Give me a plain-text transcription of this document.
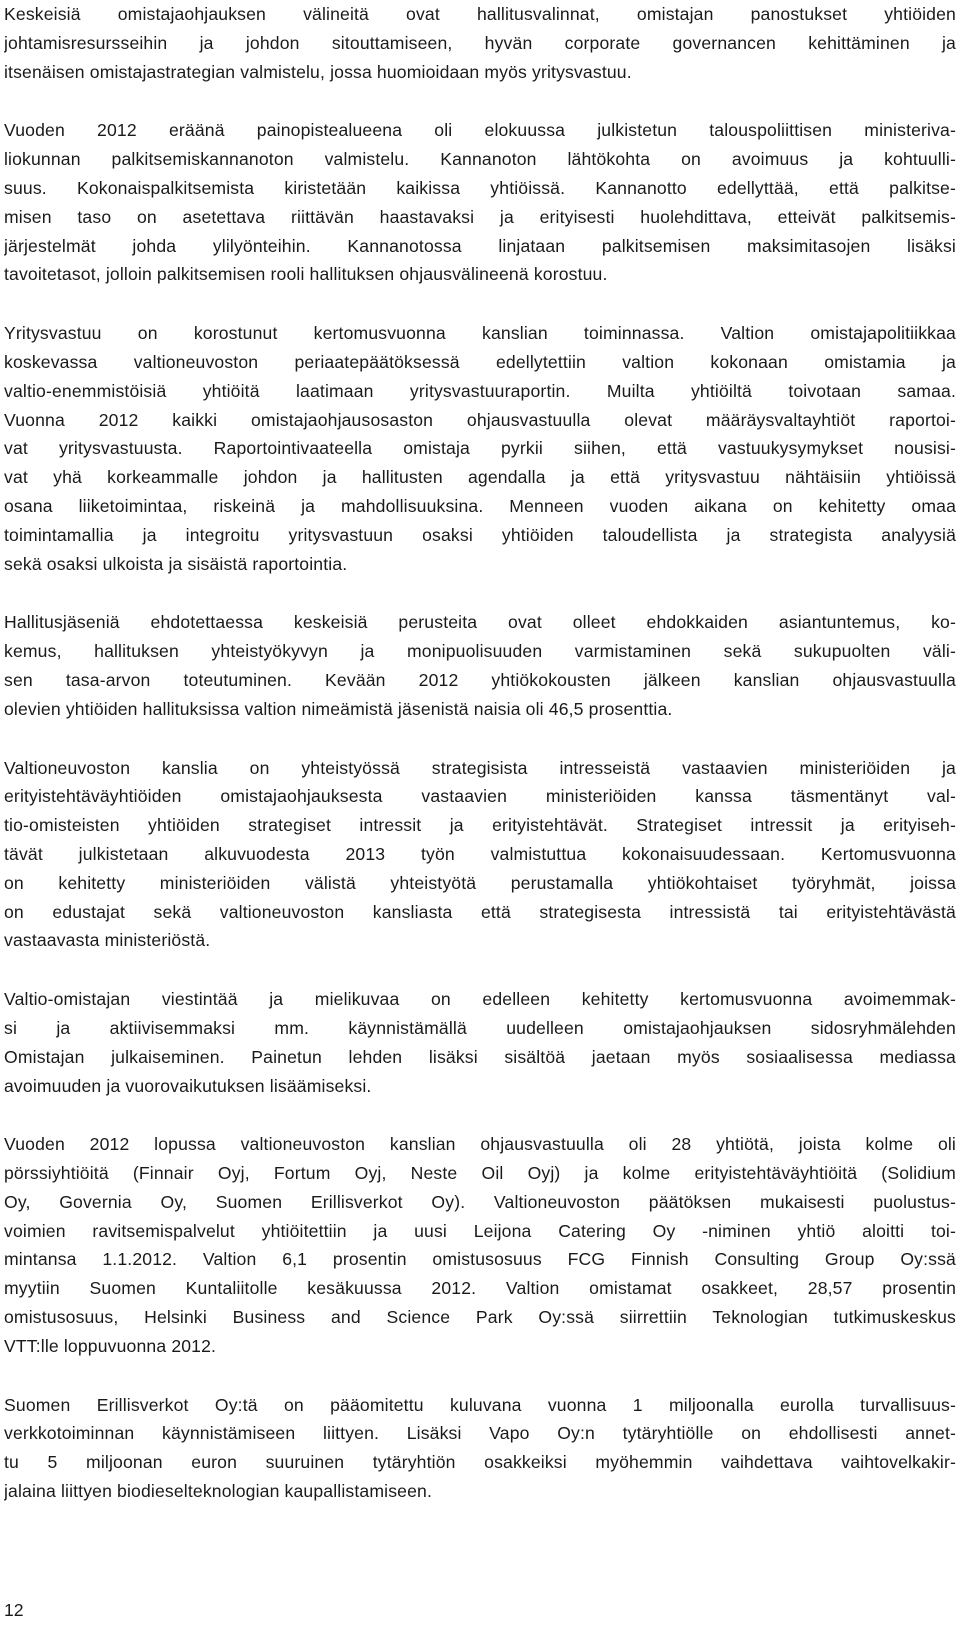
Keskeisiä omistajaohjauksen välineitä ovat hallitusvalinnat, omistajan panostukset yhtiöiden
johtamisresursseihin ja johdon sitouttamiseen, hyvän corporate governancen kehittäminen ja
itsenäisen omistajastrategian valmistelu, jossa huomioidaan myös yritysvastuu.
Vuoden 2012 eräänä painopistealueena oli elokuussa julkistetun talouspoliittisen ministeriva-
liokunnan palkitsemiskannanoton valmistelu. Kannanoton lähtökohta on avoimuus ja kohtuulli-
suus. Kokonaispalkitsemista kiristetään kaikissa yhtiöissä. Kannanotto edellyttää, että palkitse-
misen taso on asetettava riittävän haastavaksi ja erityisesti huolehdittava, etteivät palkitsemis-
järjestelmät johda ylilyönteihin. Kannanotossa linjataan palkitsemisen maksimitasojen lisäksi
tavoitetasot, jolloin palkitsemisen rooli hallituksen ohjausvälineenä korostuu.
Yritysvastuu on korostunut kertomusvuonna kanslian toiminnassa. Valtion omistajapolitiikkaa
koskevassa valtioneuvoston periaatepäätöksessä edellytettiin valtion kokonaan omistamia ja
valtio-enemmistöisiä yhtiöitä laatimaan yritysvastuuraportin. Muilta yhtiöiltä toivotaan samaa.
Vuonna 2012 kaikki omistajaohjausosaston ohjausvastuulla olevat määräysvaltayhtiöt raportoi-
vat yritysvastuusta. Raportointivaateella omistaja pyrkii siihen, että vastuukysymykset nousisi-
vat yhä korkeammalle johdon ja hallitusten agendalla ja että yritysvastuu nähtäisiin yhtiöissä
osana liiketoimintaa, riskeinä ja mahdollisuuksina. Menneen vuoden aikana on kehitetty omaa
toimintamallia ja integroitu yritysvastuun osaksi yhtiöiden taloudellista ja strategista analyysiä
sekä osaksi ulkoista ja sisäistä raportointia.
Hallitusjäseniä ehdotettaessa keskeisiä perusteita ovat olleet ehdokkaiden asiantuntemus, ko-
kemus, hallituksen yhteistyökyvyn ja monipuolisuuden varmistaminen sekä sukupuolten väli-
sen tasa-arvon toteutuminen. Kevään 2012 yhtiökokousten jälkeen kanslian ohjausvastuulla
olevien yhtiöiden hallituksissa valtion nimeämistä jäsenistä naisia oli 46,5 prosenttia.
Valtioneuvoston kanslia on yhteistyössä strategisista intresseistä vastaavien ministeriöiden ja
erityistehtäväyhtiöiden omistajaohjauksesta vastaavien ministeriöiden kanssa täsmentänyt val-
tio-omisteisten yhtiöiden strategiset intressit ja erityistehtävät. Strategiset intressit ja erityiseh-
tävät julkistetaan alkuvuodesta 2013 työn valmistuttua kokonaisuudessaan. Kertomusvuonna
on kehitetty ministeriöiden välistä yhteistyötä perustamalla yhtiökohtaiset työryhmät, joissa
on edustajat sekä valtioneuvoston kansliasta että strategisesta intressistä tai erityistehtävästä
vastaavasta ministeriöstä.
Valtio-omistajan viestintää ja mielikuvaa on edelleen kehitetty kertomusvuonna avoimemmak-
si ja aktiivisemmaksi mm. käynnistämällä uudelleen omistajaohjauksen sidosryhmälehden
Omistajan julkaiseminen. Painetun lehden lisäksi sisältöä jaetaan myös sosiaalisessa mediassa
avoimuuden ja vuorovaikutuksen lisäämiseksi.
Vuoden 2012 lopussa valtioneuvoston kanslian ohjausvastuulla oli 28 yhtiötä, joista kolme oli
pörssiyhtiöitä (Finnair Oyj, Fortum Oyj, Neste Oil Oyj) ja kolme erityistehtäväyhtiöitä (Solidium
Oy, Governia Oy, Suomen Erillisverkot Oy). Valtioneuvoston päätöksen mukaisesti puolustus-
voimien ravitsemispalvelut yhtiöitettiin ja uusi Leijona Catering Oy -niminen yhtiö aloitti toi-
mintansa 1.1.2012. Valtion 6,1 prosentin omistusosuus FCG Finnish Consulting Group Oy:ssä
myytiin Suomen Kuntaliitolle kesäkuussa 2012. Valtion omistamat osakkeet, 28,57 prosentin
omistusosuus, Helsinki Business and Science Park Oy:ssä siirrettiin Teknologian tutkimuskeskus
VTT:lle loppuvuonna 2012.
Suomen Erillisverkot Oy:tä on pääomitettu kuluvana vuonna 1 miljoonalla eurolla turvallisuus-
verkkotoiminnan käynnistämiseen liittyen. Lisäksi Vapo Oy:n tytäryhtiölle on ehdollisesti annet-
tu 5 miljoonan euron suuruinen tytäryhtiön osakkeiksi myöhemmin vaihdettava vaihtovelkakir-
jalaina liittyen biodieselteknologian kaupallistamiseen.
12
